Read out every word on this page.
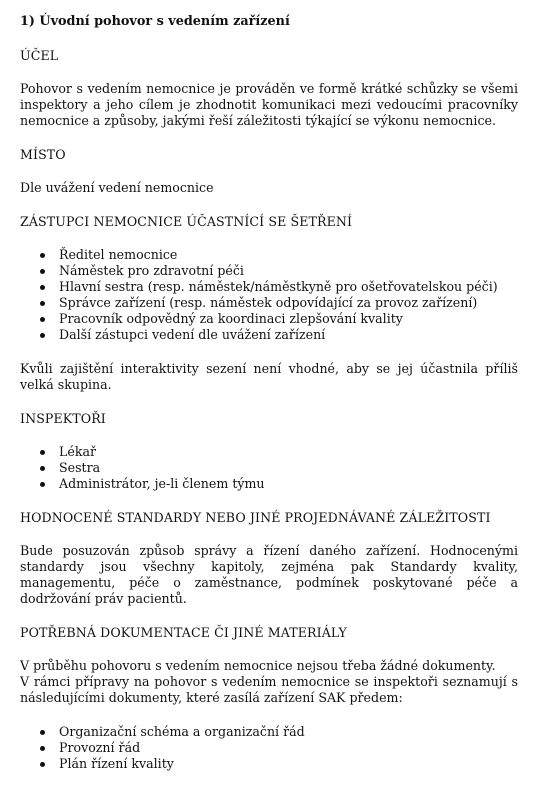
1) Úvodní pohovor s vedením zařízení
ÚČEL

Pohovor s vedením nemocnice je prováděn ve formě krátké schůzky se všemi inspektory a jeho cílem je zhodnotit komunikaci mezi vedoucími pracovníky nemocnice a způsoby, jakými řeší záležitosti týkající se výkonu nemocnice.

MÍSTO

Dle uvážení vedení nemocnice

ZÁSTUPCI NEMOCNICE ÚČASTNÍCÍ SE ŠETŘENÍ
Ředitel nemocnice
Náměstek pro zdravotní péči
Hlavní sestra (resp. náměstek/náměstkyně pro ošetřovatelskou péči)
Správce zařízení (resp. náměstek odpovídající za provoz zařízení)
Pracovník odpovědný za koordinaci zlepšování kvality
Další zástupci vedení dle uvážení zařízení

Kvůli zajištění interaktivity sezení není vhodné, aby se jej účastnila příliš velká skupina.

INSPEKTOŘI
Lékař
Sestra
Administrátor, je-li členem týmu
HODNOCENÉ STANDARDY NEBO JINÉ PROJEDNÁVANÉ ZÁLEŽITOSTI

Bude posuzován způsob správy a řízení daného zařízení. Hodnocenými standardy jsou všechny kapitoly, zejména pak Standardy kvality, managementu, péče o zaměstnance, podmínek poskytované péče a dodržování práv pacientů.

POTŘEBNÁ DOKUMENTACE ČI JINÉ MATERIÁLY

V průběhu pohovoru s vedením nemocnice nejsou třeba žádné dokumenty.

V rámci přípravy na pohovor s vedením nemocnice se inspektoři seznamují s následujícími dokumenty, které zasílá zařízení SAK předem:

Organizační schéma a organizační řád
Provozní řád
Plán řízení kvality
